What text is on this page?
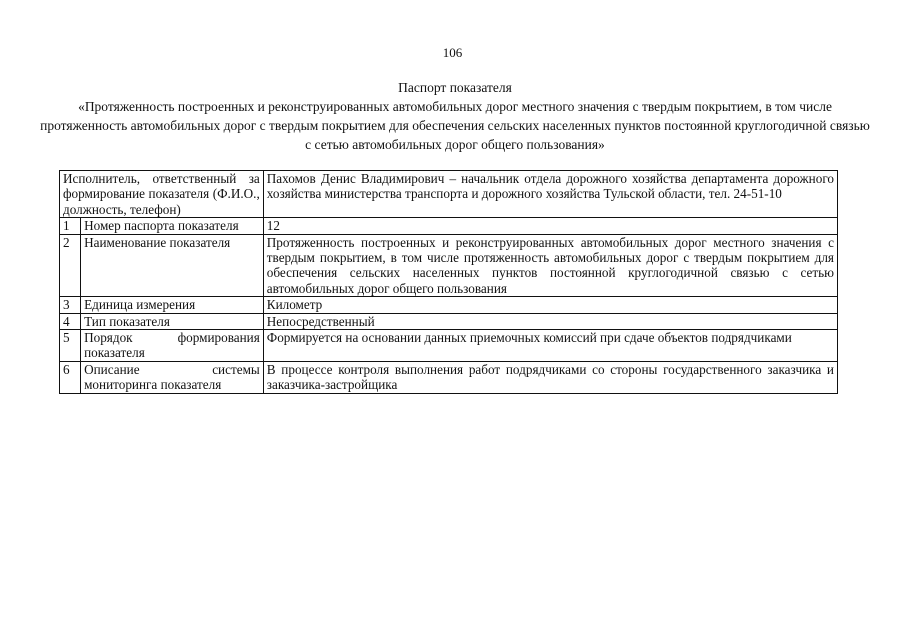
106
Паспорт показателя
«Протяженность построенных и реконструированных автомобильных дорог местного значения с твердым покрытием, в том числе протяженность автомобильных дорог с твердым покрытием для обеспечения сельских населенных пунктов постоянной круглогодичной связью с сетью автомобильных дорог общего пользования»
Исполнитель, ответственный за формирование показателя (Ф.И.О., должность, телефон)		Пахомов Денис Владимирович – начальник отдела дорожного хозяйства департамента дорожного хозяйства министерства транспорта и дорожного хозяйства Тульской области, тел. 24-51-10
1	Номер паспорта показателя	12
2	Наименование показателя	Протяженность построенных и реконструированных автомобильных дорог местного значения с твердым покрытием, в том числе протяженность автомобильных дорог с твердым покрытием для обеспечения сельских населенных пунктов постоянной круглогодичной связью с сетью автомобильных дорог общего пользования
3	Единица измерения	Километр
4	Тип показателя	Непосредственный
5	Порядок формирования показателя	Формируется на основании данных приемочных комиссий при сдаче объектов подрядчиками
6	Описание системы мониторинга показателя	В процессе контроля выполнения работ подрядчиками со стороны государственного заказчика и заказчика-застройщика
